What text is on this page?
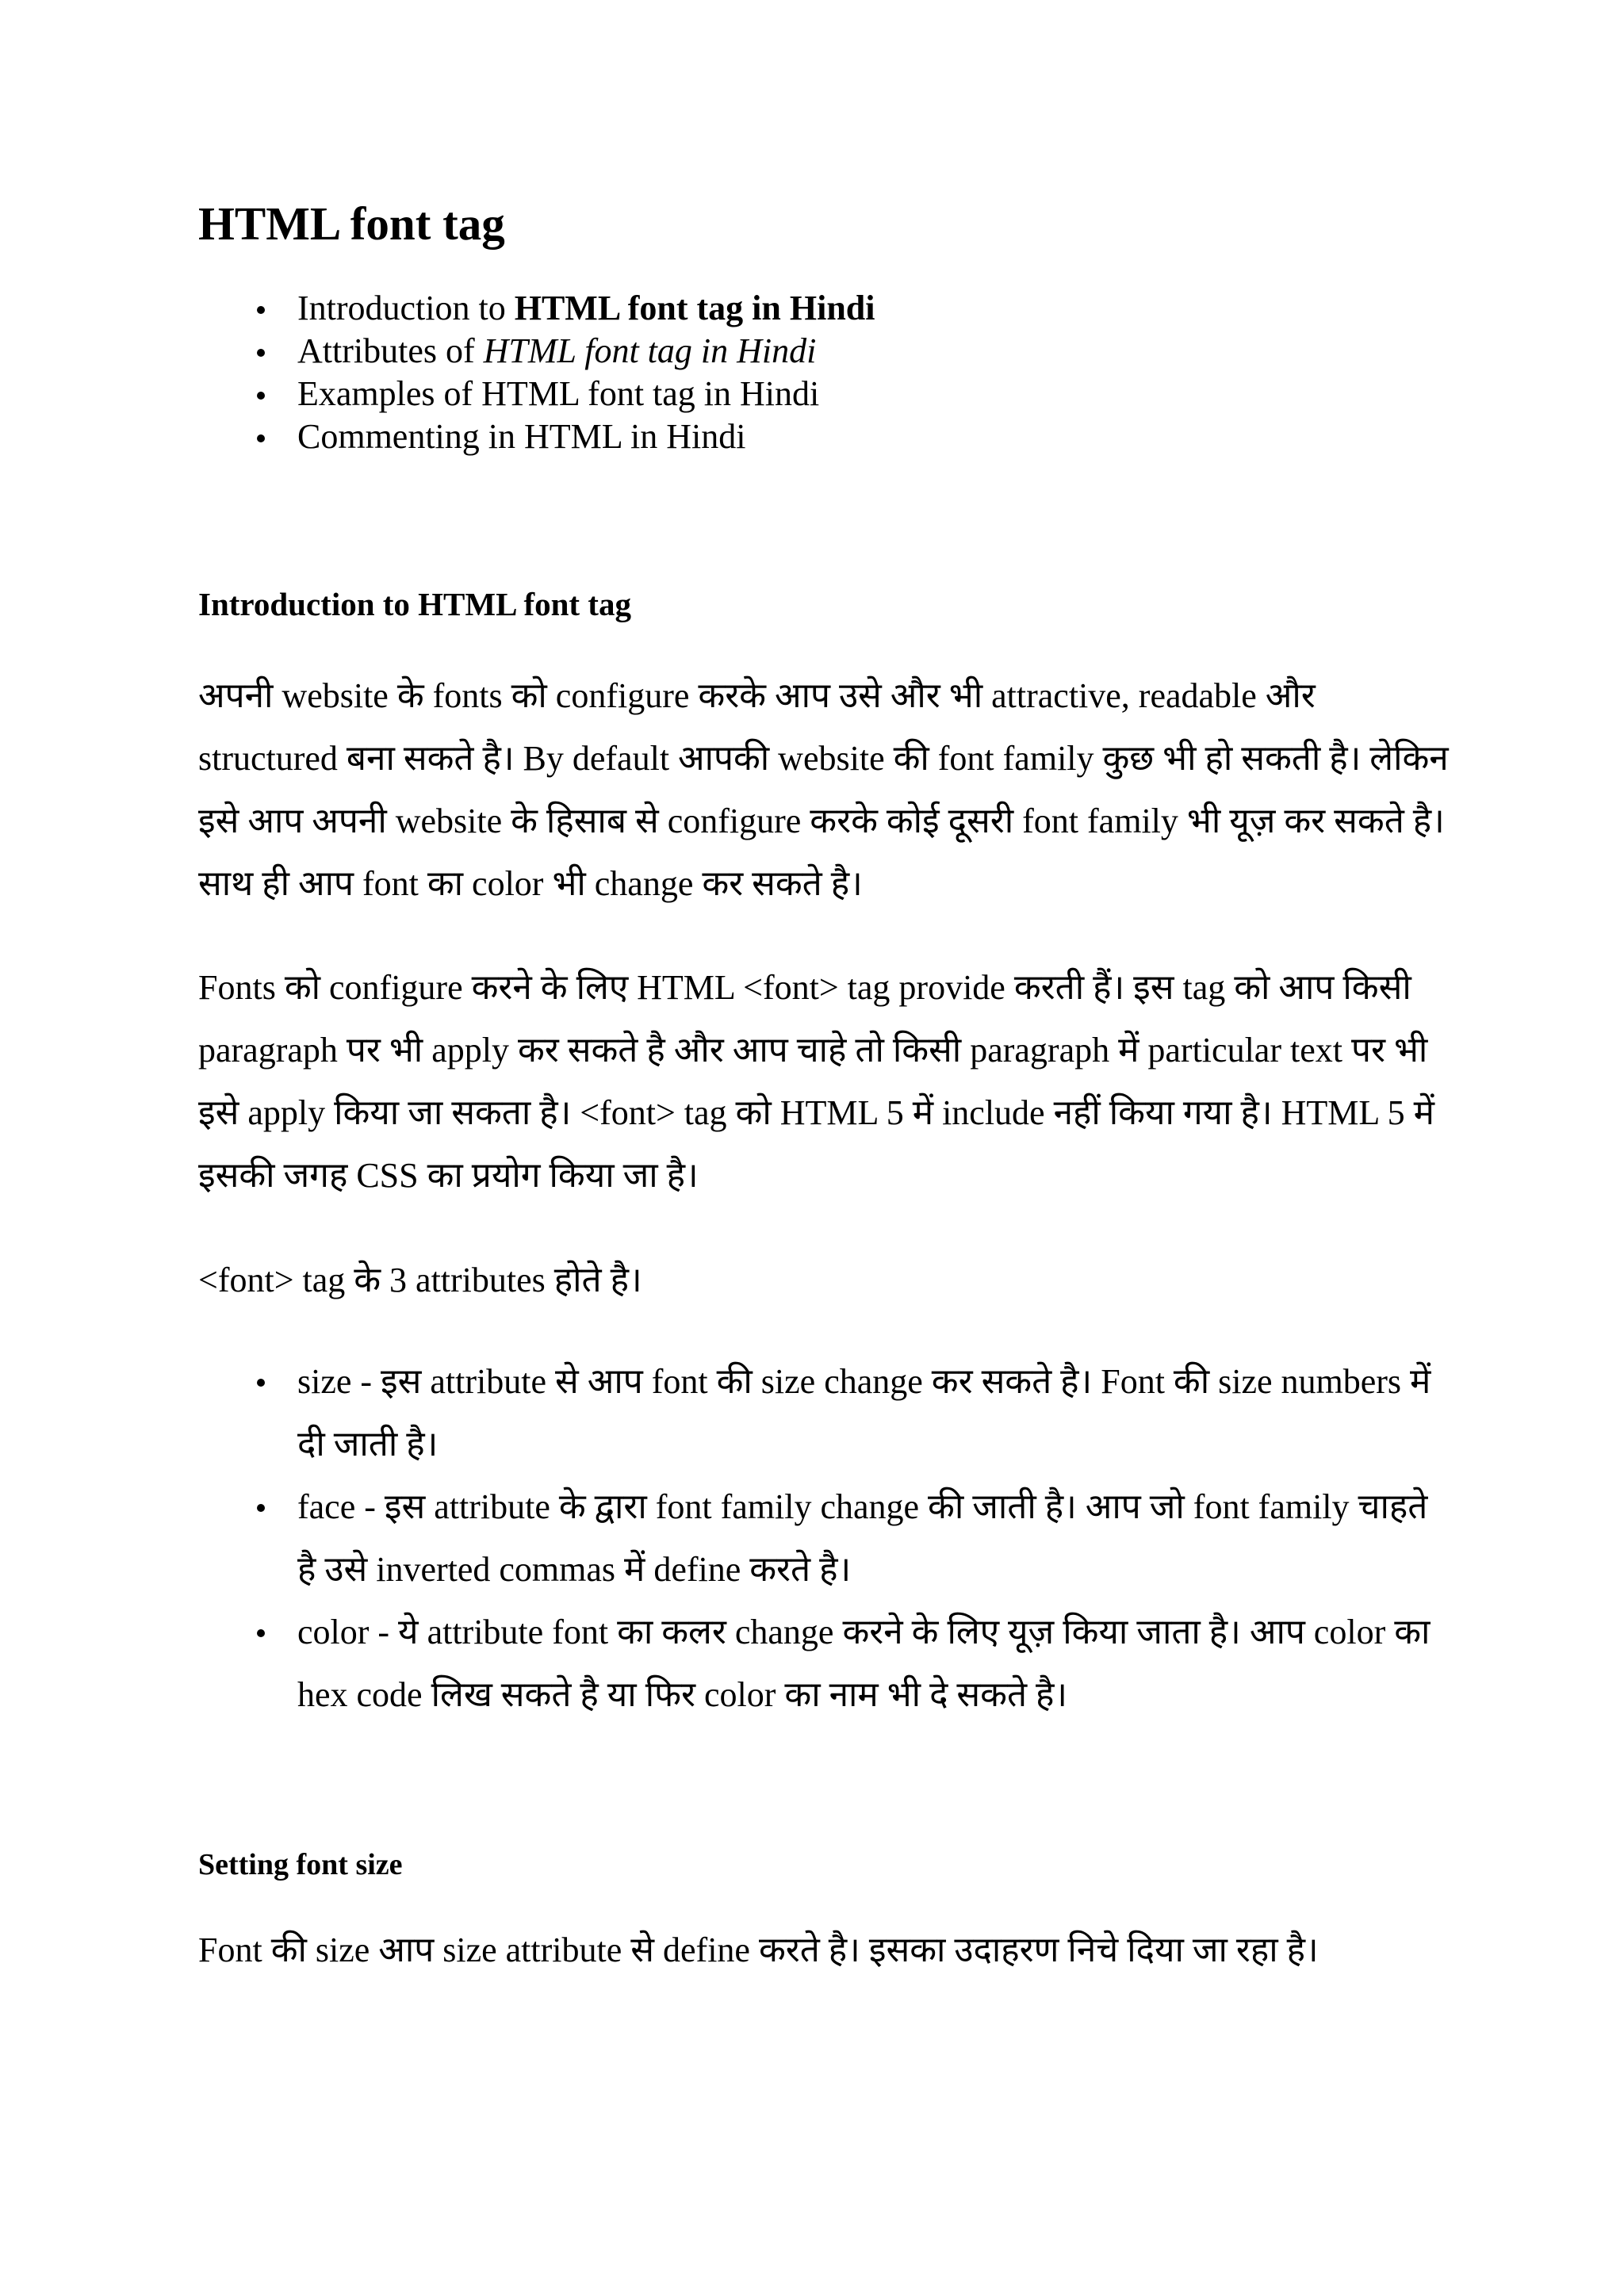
HTML font tag
Introduction to HTML font tag in Hindi
Attributes of HTML font tag in Hindi
Examples of HTML font tag in Hindi
Commenting in HTML in Hindi
Introduction to HTML font tag

अपनी website के fonts को configure करके आप उसे और भी attractive, readable और structured बना सकते है। By default आपकी website की font family कुछ भी हो सकती है। लेकिन इसे आप अपनी website के हिसाब से configure करके कोई दूसरी font family भी यूज़ कर सकते है। साथ ही आप font का color भी change कर सकते है।

Fonts को configure करने के लिए HTML <font> tag provide करती हैं। इस tag को आप किसी paragraph पर भी apply कर सकते है और आप चाहे तो किसी paragraph में particular text पर भी इसे apply किया जा सकता है। <font> tag को HTML 5 में include नहीं किया गया है। HTML 5 में इसकी जगह CSS का प्रयोग किया जा है।

<font> tag के 3 attributes होते है।

size - इस attribute से आप font की size change कर सकते है। Font की size numbers में दी जाती है।
face - इस attribute के द्वारा font family change की जाती है। आप जो font family चाहते है उसे inverted commas में define करते है।
color - ये attribute font का कलर change करने के लिए यूज़ किया जाता है। आप color का hex code लिख सकते है या फिर color का नाम भी दे सकते है।
Setting font size

Font की size आप size attribute से define करते है। इसका उदाहरण निचे दिया जा रहा है।
